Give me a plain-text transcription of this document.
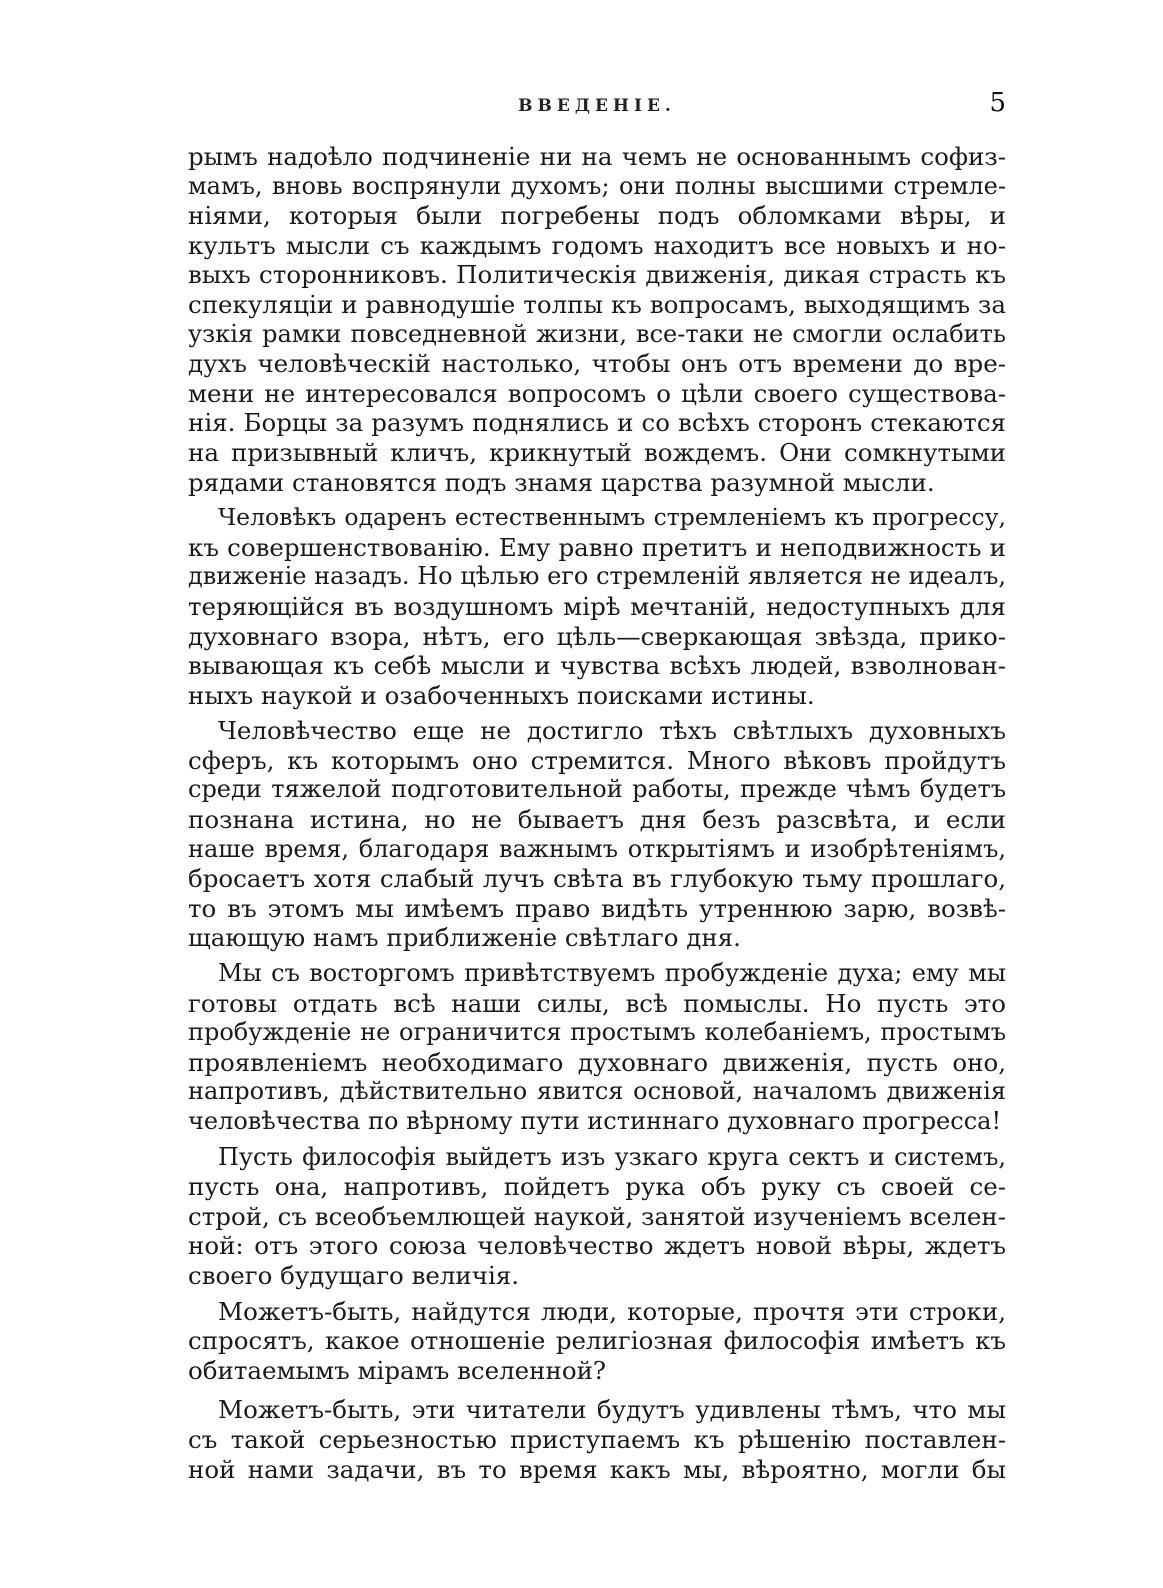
ВВЕДЕНІЕ.	5
рымъ надоѣло подчиненіе ни на чемъ не основаннымъ софиз-
мамъ, вновь воспрянули духомъ; они полны высшими стремле-
ніями, которыя были погребены подъ обломками вѣры, и
культъ мысли съ каждымъ годомъ находитъ все новыхъ и но-
выхъ сторонниковъ. Политическія движенія, дикая страсть къ
спекуляціи и равнодушіе толпы къ вопросамъ, выходящимъ за
узкія рамки повседневной жизни, все-таки не смогли ослабить
духъ человѣческій настолько, чтобы онъ отъ времени до вре-
мени не интересовался вопросомъ о цѣли своего существова-
нія. Борцы за разумъ поднялись и со всѣхъ сторонъ стекаются
на призывный кличъ, крикнутый вождемъ. Они сомкнутыми
рядами становятся подъ знамя царства разумной мысли.
Человѣкъ одаренъ естественнымъ стремленіемъ къ прогрессу,
къ совершенствованію. Ему равно претитъ и неподвижность и
движеніе назадъ. Но цѣлью его стремленій является не идеалъ,
теряющійся въ воздушномъ мірѣ мечтаній, недоступныхъ для
духовнаго взора, нѣтъ, его цѣль—сверкающая звѣзда, прико-
вывающая къ себѣ мысли и чувства всѣхъ людей, взволнован-
ныхъ наукой и озабоченныхъ поисками истины.
Человѣчество еще не достигло тѣхъ свѣтлыхъ духовныхъ
сферъ, къ которымъ оно стремится. Много вѣковъ пройдутъ
среди тяжелой подготовительной работы, прежде чѣмъ будетъ
познана истина, но не бываетъ дня безъ разсвѣта, и если
наше время, благодаря важнымъ открытіямъ и изобрѣтеніямъ,
бросаетъ хотя слабый лучъ свѣта въ глубокую тьму прошлаго,
то въ этомъ мы имѣемъ право видѣть утреннюю зарю, возвѣ-
щающую намъ приближеніе свѣтлаго дня.
Мы съ восторгомъ привѣтствуемъ пробужденіе духа; ему мы
готовы отдать всѣ наши силы, всѣ помыслы. Но пусть это
пробужденіе не ограничится простымъ колебаніемъ, простымъ
проявленіемъ необходимаго духовнаго движенія, пусть оно,
напротивъ, дѣйствительно явится основой, началомъ движенія
человѣчества по вѣрному пути истиннаго духовнаго прогресса!
Пусть философія выйдетъ изъ узкаго круга сектъ и системъ,
пусть она, напротивъ, пойдетъ рука объ руку съ своей се-
строй, съ всеобъемлющей наукой, занятой изученіемъ вселен-
ной: отъ этого союза человѣчество ждетъ новой вѣры, ждетъ
своего будущаго величія.
Можетъ-быть, найдутся люди, которые, прочтя эти строки,
спросятъ, какое отношеніе религіозная философія имѣетъ къ
обитаемымъ мірамъ вселенной?
Можетъ-быть, эти читатели будутъ удивлены тѣмъ, что мы
съ такой серьезностью приступаемъ къ рѣшенію поставлен-
ной нами задачи, въ то время какъ мы, вѣроятно, могли бы
